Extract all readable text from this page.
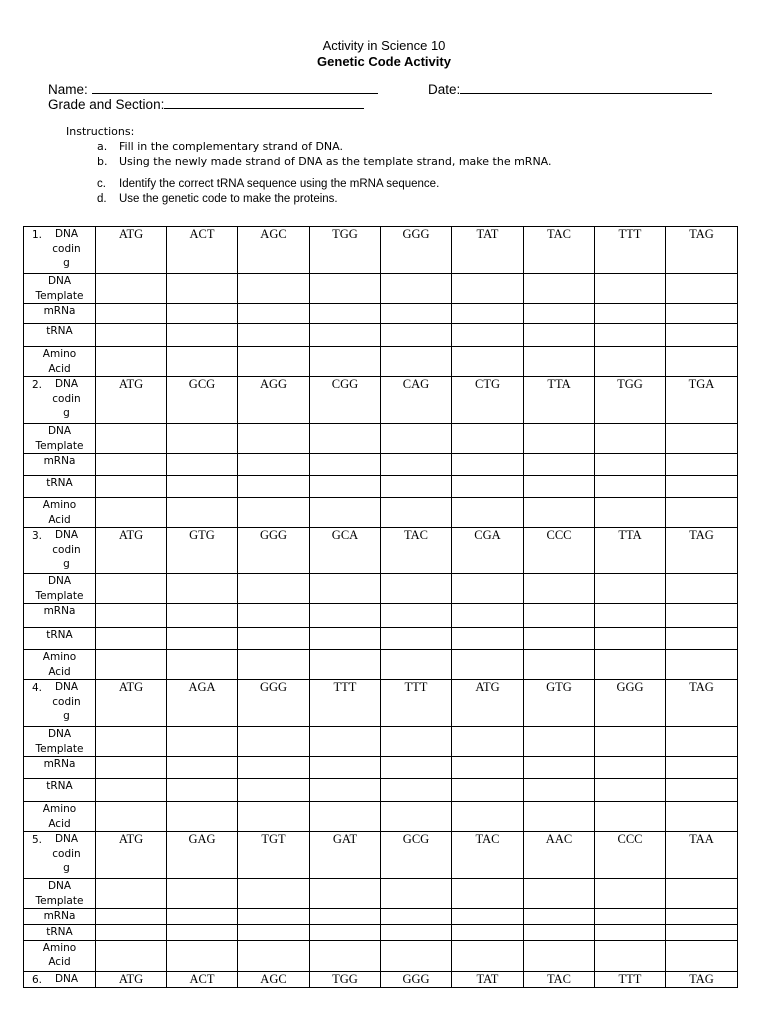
Activity in Science 10
Genetic Code Activity
Name:	Date:
Grade and Section:
Instructions:
a. Fill in the complementary strand of DNA.
b. Using the newly made strand of DNA as the template strand, make the mRNA.
c. Identify the correct tRNA sequence using the mRNA sequence.
d. Use the genetic code to make the proteins.
1. DNA
codin
g	ATG	ACT	AGC	TGG	GGG	TAT	TAC	TTT	TAG

DNA
Template									

mRNa									

tRNA									

Amino
Acid									

2. DNA
codin
g	ATG	GCG	AGG	CGG	CAG	CTG	TTA	TGG	TGA

DNA
Template									

mRNa									

tRNA									

Amino
Acid									

3. DNA
codin
g	ATG	GTG	GGG	GCA	TAC	CGA	CCC	TTA	TAG

DNA
Template									

mRNa									

tRNA									

Amino
Acid									

4. DNA
codin
g	ATG	AGA	GGG	TTT	TTT	ATG	GTG	GGG	TAG

DNA
Template									

mRNa									

tRNA									

Amino
Acid									

5. DNA
codin
g	ATG	GAG	TGT	GAT	GCG	TAC	AAC	CCC	TAA

DNA
Template									

mRNa									

tRNA									

Amino
Acid									

6. DNA	ATG	ACT	AGC	TGG	GGG	TAT	TAC	TTT	TAG
